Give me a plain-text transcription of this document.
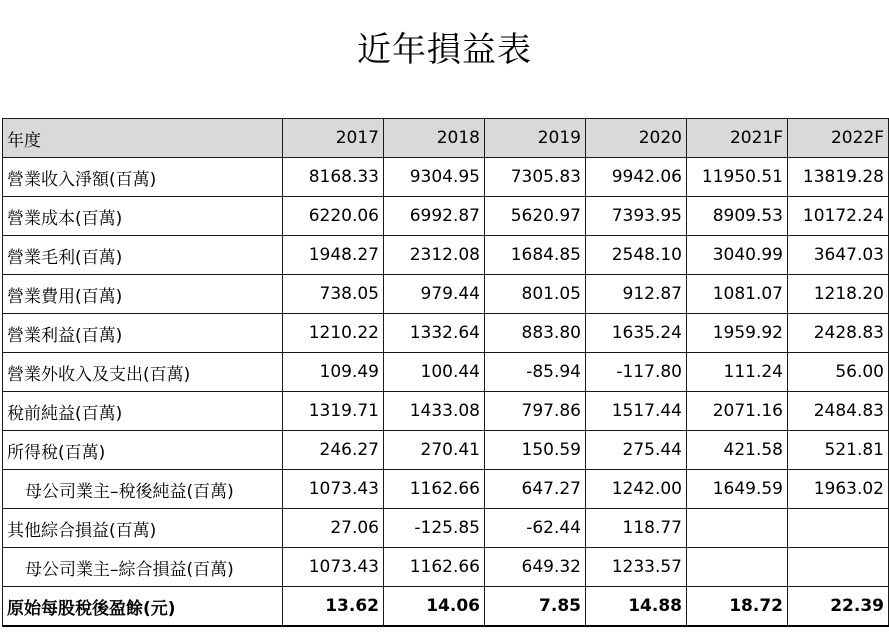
近年損益表
年度	2017	2018	2019	2020	2021F	2022F
營業收入淨額(百萬)	8168.33	9304.95	7305.83	9942.06	11950.51	13819.28
營業成本(百萬)	6220.06	6992.87	5620.97	7393.95	8909.53	10172.24
營業毛利(百萬)	1948.27	2312.08	1684.85	2548.10	3040.99	3647.03
營業費用(百萬)	738.05	979.44	801.05	912.87	1081.07	1218.20
營業利益(百萬)	1210.22	1332.64	883.80	1635.24	1959.92	2428.83
營業外收入及支出(百萬)	109.49	100.44	-85.94	-117.80	111.24	56.00
稅前純益(百萬)	1319.71	1433.08	797.86	1517.44	2071.16	2484.83
所得稅(百萬)	246.27	270.41	150.59	275.44	421.58	521.81
母公司業主–稅後純益(百萬)	1073.43	1162.66	647.27	1242.00	1649.59	1963.02
其他綜合損益(百萬)	27.06	-125.85	-62.44	118.77		
母公司業主–綜合損益(百萬)	1073.43	1162.66	649.32	1233.57		
原始每股稅後盈餘(元)	13.62	14.06	7.85	14.88	18.72	22.39
